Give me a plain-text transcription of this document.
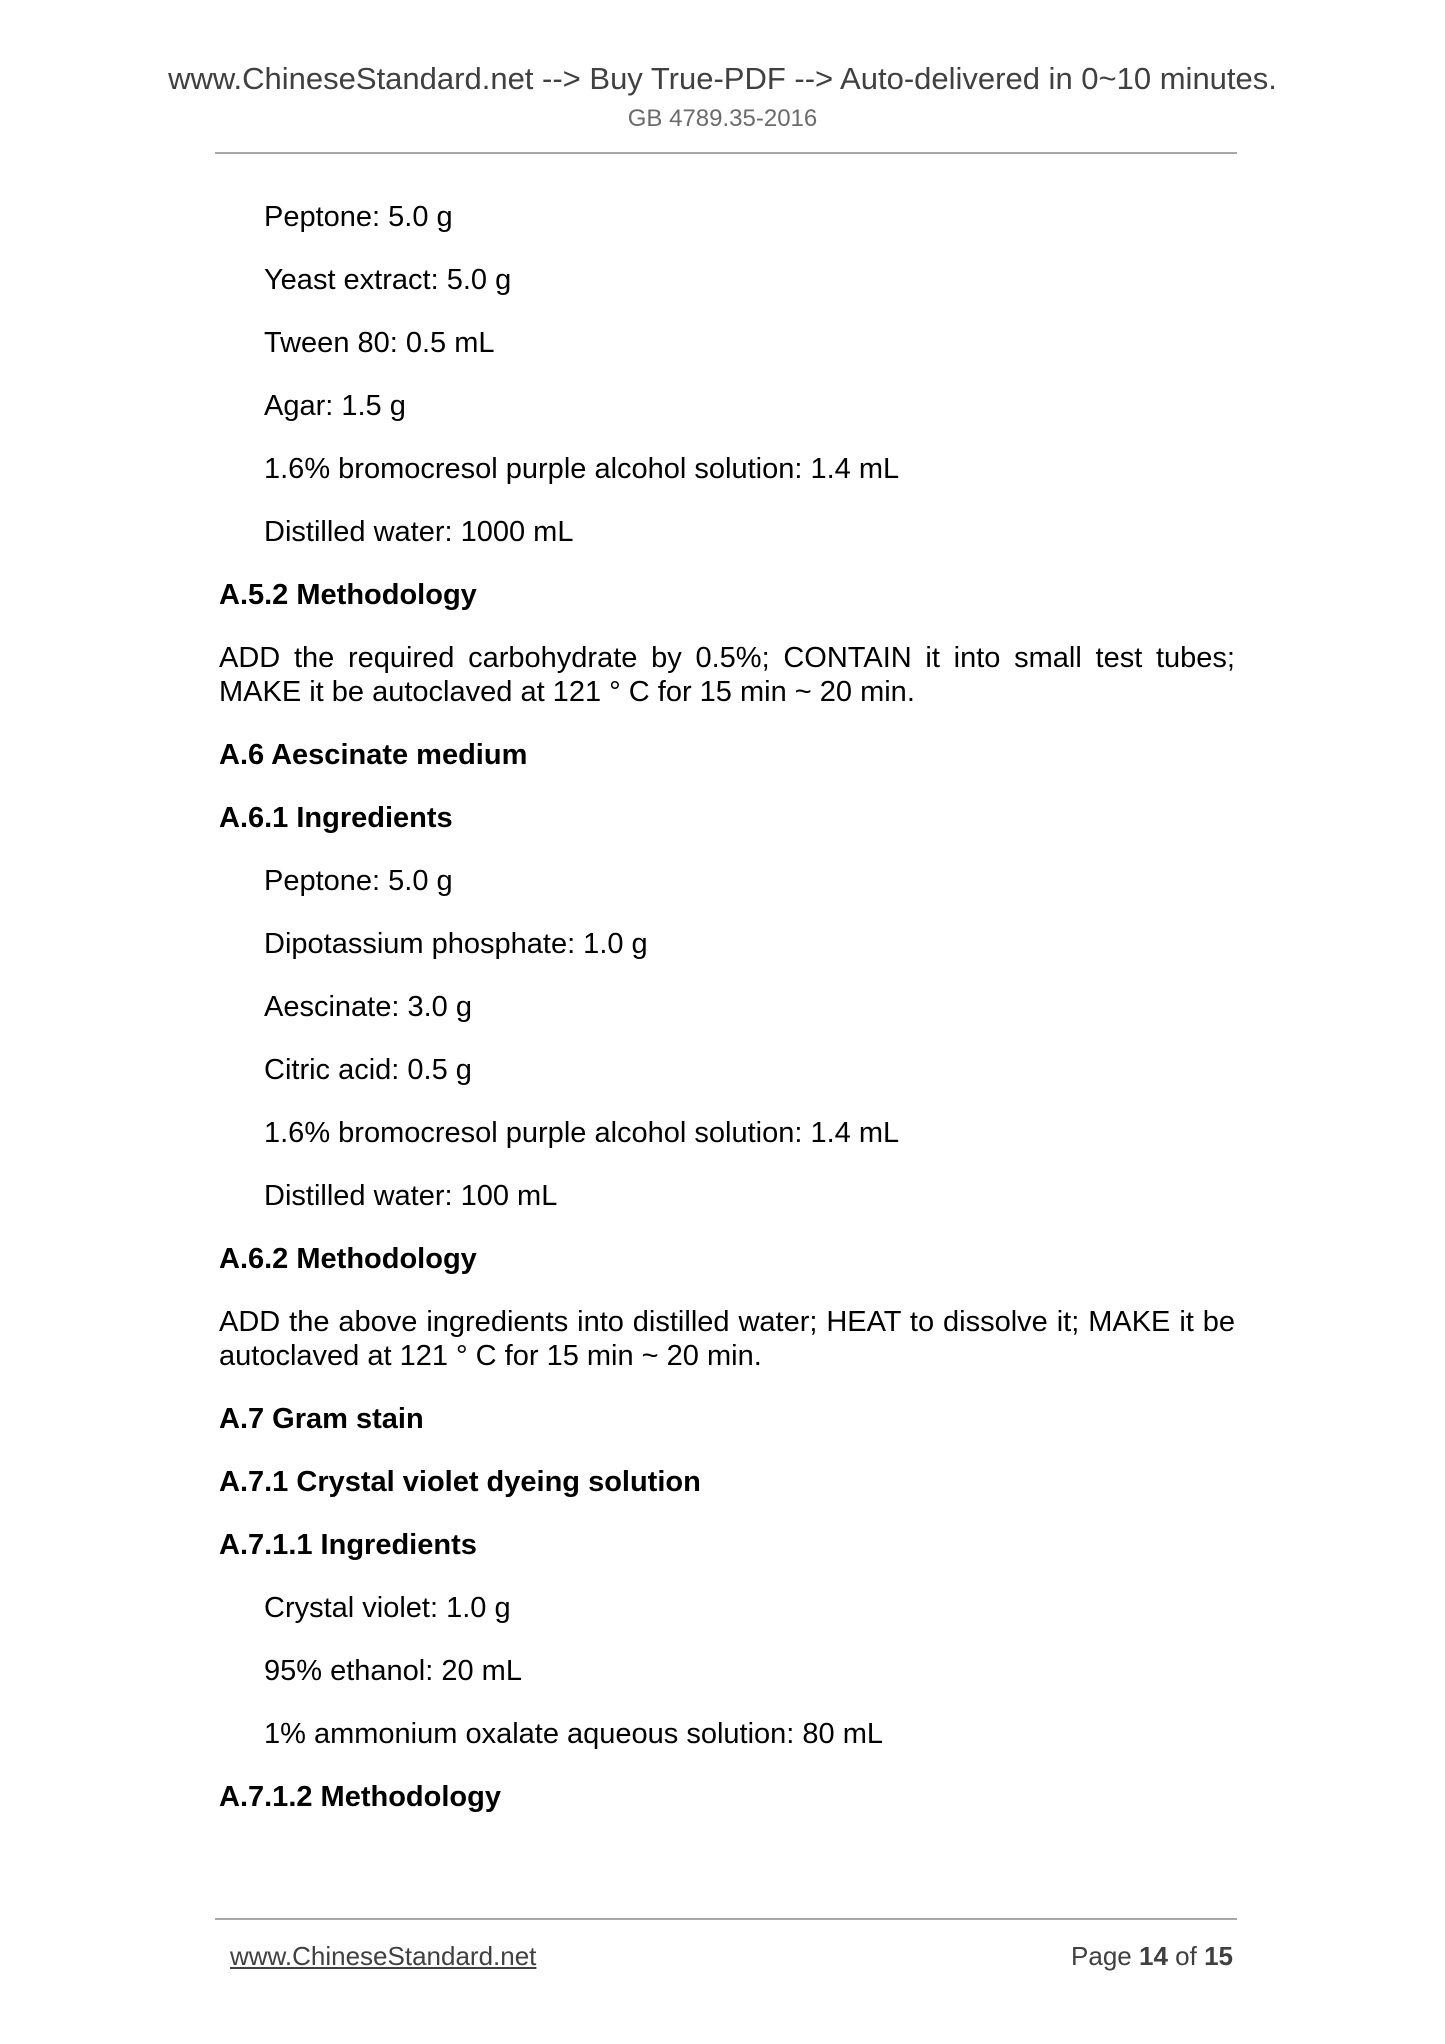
www.ChineseStandard.net --> Buy True-PDF --> Auto-delivered in 0~10 minutes.
GB 4789.35-2016
Peptone: 5.0 g
Yeast extract: 5.0 g
Tween 80: 0.5 mL
Agar: 1.5 g
1.6% bromocresol purple alcohol solution: 1.4 mL
Distilled water: 1000 mL
A.5.2 Methodology
ADD the required carbohydrate by 0.5%; CONTAIN it into small test tubes; MAKE it be autoclaved at 121 ° C for 15 min ~ 20 min.
A.6 Aescinate medium
A.6.1 Ingredients
Peptone: 5.0 g
Dipotassium phosphate: 1.0 g
Aescinate: 3.0 g
Citric acid: 0.5 g
1.6% bromocresol purple alcohol solution: 1.4 mL
Distilled water: 100 mL
A.6.2 Methodology
ADD the above ingredients into distilled water; HEAT to dissolve it; MAKE it be autoclaved at 121 ° C for 15 min ~ 20 min.
A.7 Gram stain
A.7.1 Crystal violet dyeing solution
A.7.1.1 Ingredients
Crystal violet: 1.0 g
95% ethanol: 20 mL
1% ammonium oxalate aqueous solution: 80 mL
A.7.1.2 Methodology
www.ChineseStandard.net	Page 14 of 15
